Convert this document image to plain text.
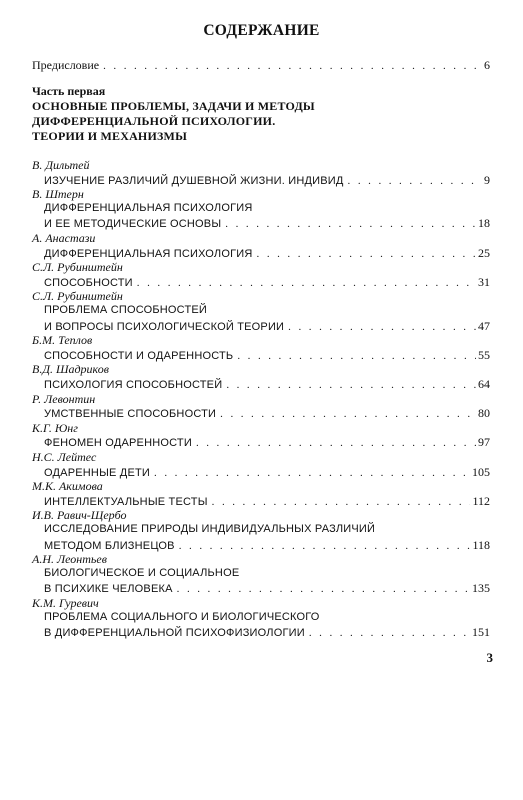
СОДЕРЖАНИЕ
Предисловие . . .	6
Часть первая
ОСНОВНЫЕ ПРОБЛЕМЫ, ЗАДАЧИ И МЕТОДЫ
ДИФФЕРЕНЦИАЛЬНОЙ ПСИХОЛОГИИ.
ТЕОРИИ И МЕХАНИЗМЫ
В. Дильтей
ИЗУЧЕНИЕ РАЗЛИЧИЙ ДУШЕВНОЙ ЖИЗНИ. ИНДИВИД . . .	9
В. Штерн
ДИФФЕРЕНЦИАЛЬНАЯ ПСИХОЛОГИЯ
И ЕЕ МЕТОДИЧЕСКИЕ ОСНОВЫ . . .	18
А. Анастази
ДИФФЕРЕНЦИАЛЬНАЯ ПСИХОЛОГИЯ . . .	25
С.Л. Рубинштейн
СПОСОБНОСТИ . . .	31
С.Л. Рубинштейн
ПРОБЛЕМА СПОСОБНОСТЕЙ
И ВОПРОСЫ ПСИХОЛОГИЧЕСКОЙ ТЕОРИИ . . .	47
Б.М. Теплов
СПОСОБНОСТИ И ОДАРЕННОСТЬ . . .	55
В.Д. Шадриков
ПСИХОЛОГИЯ СПОСОБНОСТЕЙ . . .	64
Р. Левонтин
УМСТВЕННЫЕ СПОСОБНОСТИ . . .	80
К.Г. Юнг
ФЕНОМЕН ОДАРЕННОСТИ . . .	97
Н.С. Лейтес
ОДАРЕННЫЕ ДЕТИ . . .	105
М.К. Акимова
ИНТЕЛЛЕКТУАЛЬНЫЕ ТЕСТЫ . . .	112
И.В. Равич-Щербо
ИССЛЕДОВАНИЕ ПРИРОДЫ ИНДИВИДУАЛЬНЫХ РАЗЛИЧИЙ
МЕТОДОМ БЛИЗНЕЦОВ . . .	118
А.Н. Леонтьев
БИОЛОГИЧЕСКОЕ И СОЦИАЛЬНОЕ
В ПСИХИКЕ ЧЕЛОВЕКА . . .	135
К.М. Гуревич
ПРОБЛЕМА СОЦИАЛЬНОГО И БИОЛОГИЧЕСКОГО
В ДИФФЕРЕНЦИАЛЬНОЙ ПСИХОФИЗИОЛОГИИ . . .	151
3
